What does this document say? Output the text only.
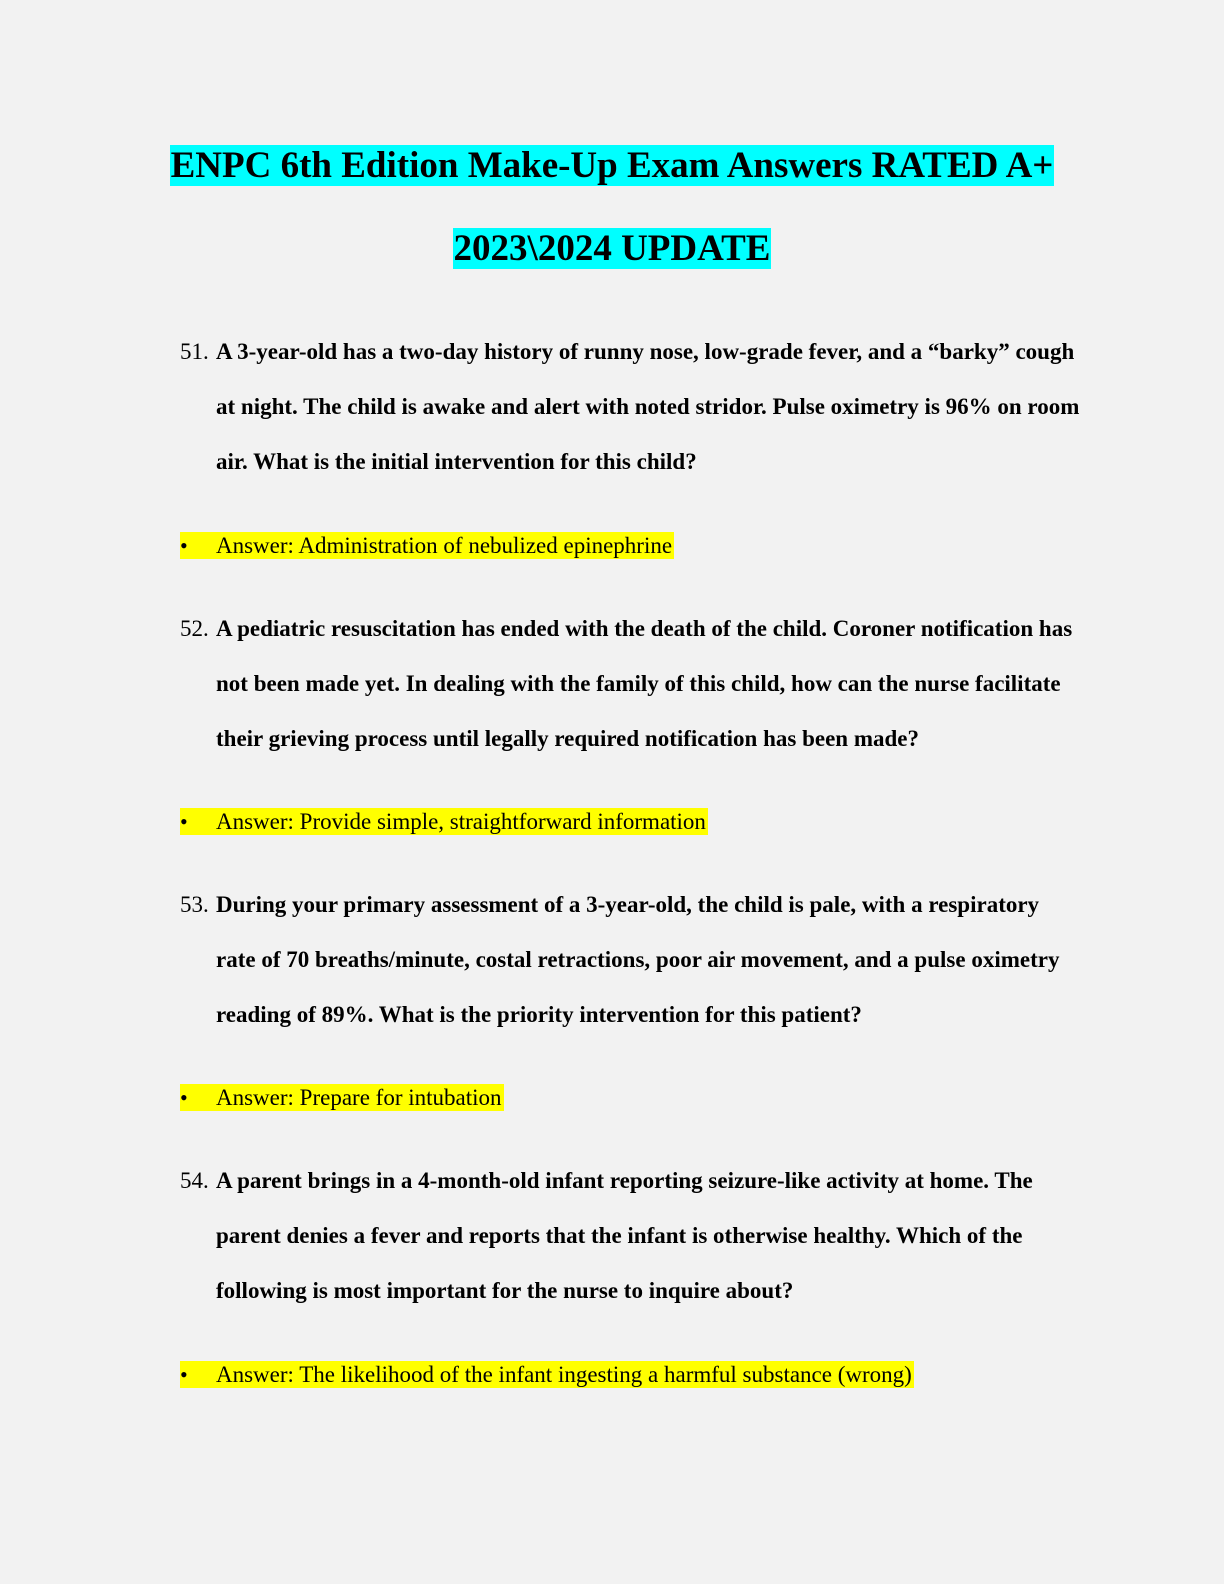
ENPC 6th Edition Make-Up Exam Answers RATED A+
2023\2024 UPDATE
51. A 3-year-old has a two-day history of runny nose, low-grade fever, and a “barky” cough at night. The child is awake and alert with noted stridor. Pulse oximetry is 96% on room air. What is the initial intervention for this child?
• Answer: Administration of nebulized epinephrine
52. A pediatric resuscitation has ended with the death of the child. Coroner notification has not been made yet. In dealing with the family of this child, how can the nurse facilitate their grieving process until legally required notification has been made?
• Answer: Provide simple, straightforward information
53. During your primary assessment of a 3-year-old, the child is pale, with a respiratory rate of 70 breaths/minute, costal retractions, poor air movement, and a pulse oximetry reading of 89%. What is the priority intervention for this patient?
• Answer: Prepare for intubation
54. A parent brings in a 4-month-old infant reporting seizure-like activity at home. The parent denies a fever and reports that the infant is otherwise healthy. Which of the following is most important for the nurse to inquire about?
• Answer: The likelihood of the infant ingesting a harmful substance (wrong)
